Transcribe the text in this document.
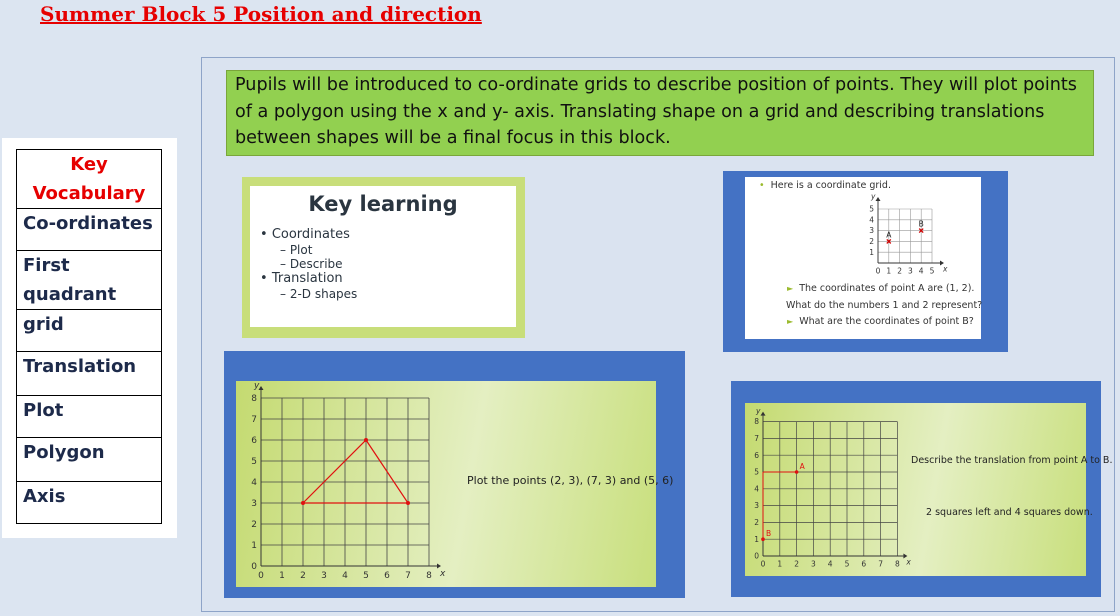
Summer Block 5 Position and direction
Key Vocabulary
Co-ordinates
First quadrant
grid
Translation
Plot
Polygon
Axis
Pupils will be introduced to co-ordinate grids to describe position of points. They will plot points of a polygon using the x and y- axis. Translating shape on a grid and describing translations between shapes will be a final focus in this block.
Key learning
• Coordinates
– Plot
– Describe
• Translation
– 2-D shapes
• Here is a coordinate grid.
0 1 2 3 4 5
1
2
3
4
5
x
y
A
B
► The coordinates of point A are (1, 2).
What do the numbers 1 and 2 represent?
► What are the coordinates of point B?
0 1 2 3 4 5 6 7 8
0
1
2
3
4
5
6
7
8
x
y
Plot the points (2, 3), (7, 3) and (5, 6)
0 1 2 3 4 5 6 7 8
0
1
2
3
4
5
6
7
8
x
y
A
B
Describe the translation from point A to B.
2 squares left and 4 squares down.
